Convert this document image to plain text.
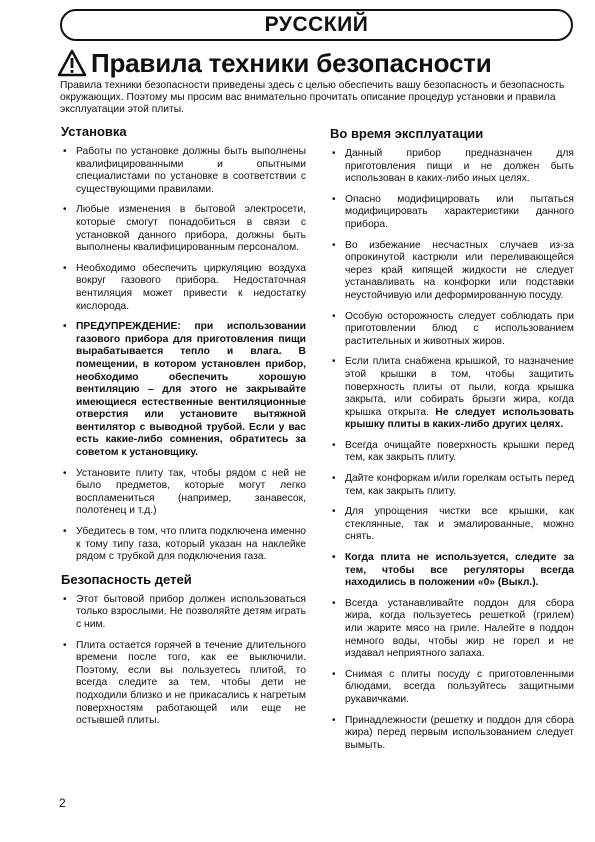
РУССКИЙ
Правила техники безопасности

Правила техники безопасности приведены здесь с целью обеспечить вашу безопасность и безопасность окружающих. Поэтому мы просим вас внимательно прочитать описание процедур установки и правила эксплуатации этой плиты.

Установка
• Работы по установке должны быть выполнены квалифицированными и опытными специалистами по установке в соответствии с существующими правилами.
• Любые изменения в бытовой электросети, которые смогут понадобиться в связи с установкой данного прибора, должны быть выполнены квалифицированным персоналом.
• Необходимо обеспечить циркуляцию воздуха вокруг газового прибора. Недостаточная вентиляция может привести к недостатку кислорода.
• ПРЕДУПРЕЖДЕНИЕ: при использовании газового прибора для приготовления пищи вырабатывается тепло и влага. В помещении, в котором установлен прибор, необходимо обеспечить хорошую вентиляцию – для этого не закрывайте имеющиеся естественные вентиляционные отверстия или установите вытяжной вентилятор с выводной трубой. Если у вас есть какие-либо сомнения, обратитесь за советом к установщику.
• Установите плиту так, чтобы рядом с ней не было предметов, которые могут легко воспламениться (например, занавесок, полотенец и т.д.)
• Убедитесь в том, что плита подключена именно к тому типу газа, который указан на наклейке рядом с трубкой для подключения газа.
Безопасность детей
• Этот бытовой прибор должен использоваться только взрослыми. Не позволяйте детям играть с ним.
• Плита остается горячей в течение длительного времени после того, как ее выключили. Поэтому, если вы пользуетесь плитой, то всегда следите за тем, чтобы дети не подходили близко и не прикасались к нагретым поверхностям работающей или еще не остывшей плиты.
Во время эксплуатации
• Данный прибор предназначен для приготовления пищи и не должен быть использован в каких-либо иных целях.
• Опасно модифицировать или пытаться модифицировать характеристики данного прибора.
• Во избежание несчастных случаев из-за опрокинутой кастрюли или переливающейся через край кипящей жидкости не следует устанавливать на конфорки или подставки неустойчивую или деформированную посуду.
• Особую осторожность следует соблюдать при приготовлении блюд с использованием растительных и животных жиров.
• Если плита снабжена крышкой, то назначение этой крышки в том, чтобы защитить поверхность плиты от пыли, когда крышка закрыта, или собирать брызги жира, когда крышка открыта. Не следует использовать крышку плиты в каких-либо других целях.
• Всегда очищайте поверхность крышки перед тем, как закрыть плиту.
• Дайте конфоркам и/или горелкам остыть перед тем, как закрыть плиту.
• Для упрощения чистки все крышки, как стеклянные, так и эмалированные, можно снять.
• Когда плита не используется, следите за тем, чтобы все регуляторы всегда находились в положении «0» (Выкл.).
• Всегда устанавливайте поддон для сбора жира, когда пользуетесь решеткой (грилем) или жарите мясо на гриле. Налейте в поддон немного воды, чтобы жир не горел и не издавал неприятного запаха.
• Снимая с плиты посуду с приготовленными блюдами, всегда пользуйтесь защитными рукавичками.
• Принадлежности (решетку и поддон для сбора жира) перед первым использованием следует вымыть.
2
